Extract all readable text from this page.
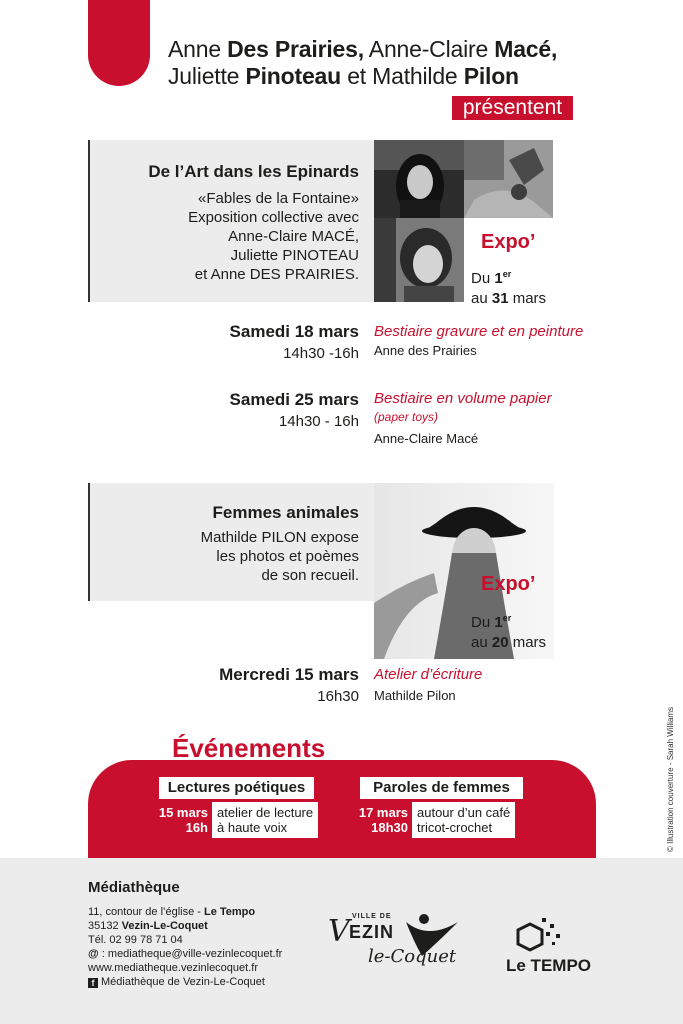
Anne Des Prairies, Anne-Claire Macé,
Juliette Pinoteau et Mathilde Pilon
présentent
De l’Art dans les Epinards
«Fables de la Fontaine»
Exposition collective avec
Anne-Claire MACÉ,
Juliette PINOTEAU
et Anne DES PRAIRIES.
Expo’
Du 1er
au 31 mars
Samedi 18 mars
14h30 -16h
Bestiaire gravure et en peinture
Anne des Prairies
Samedi 25 mars
14h30 - 16h
Bestiaire en volume papier
(paper toys)
Anne-Claire Macé
Femmes animales
Mathilde PILON expose
les photos et poèmes
de son recueil.	Expo’
Du 1er
au 20 mars
Mercredi 15 mars
16h30
Atelier d’écriture
Mathilde Pilon
Événements
Lectures poétiques
15 mars
16h
atelier de lecture
à haute voix
Paroles de femmes
17 mars
18h30
autour d’un café
tricot-crochet	© Illustration couverture - Sarah Williams
Médiathèque
11, contour de l’église - Le Tempo
35132 Vezin-Le-Coquet
Tél. 02 99 78 71 04
@ : mediatheque@ville-vezinlecoquet.fr
www.mediatheque.vezinlecoquet.fr
f Médiathèque de Vezin-Le-Coquet
V VILLE DE
EZIN
le-Coquet	Le TEMPO
